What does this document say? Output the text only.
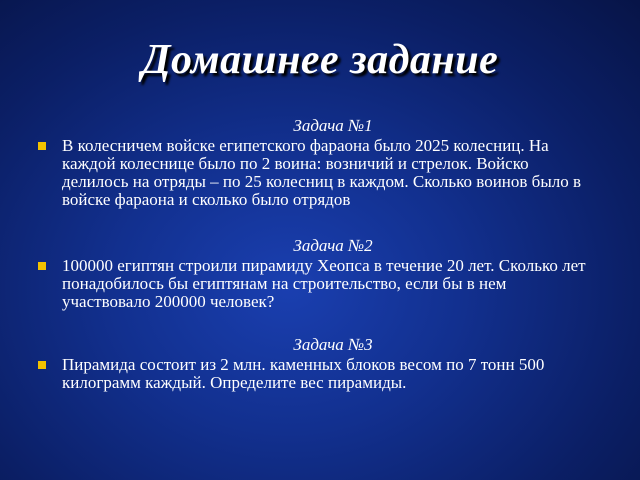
Домашнее задание

Задача №1

В колесничем войске египетского фараона было 2025 колесниц. На каждой колеснице было по 2 воина: возничий и стрелок. Войско делилось на отряды – по 25 колесниц в каждом. Сколько воинов было в войске фараона и сколько было отрядов

Задача №2

100000 египтян строили пирамиду Хеопса в течение 20 лет. Сколько лет понадобилось бы египтянам на строительство, если бы в нем участвовало 200000 человек?

Задача №3

Пирамида состоит из 2 млн. каменных блоков весом по 7 тонн 500 килограмм каждый. Определите вес пирамиды.
